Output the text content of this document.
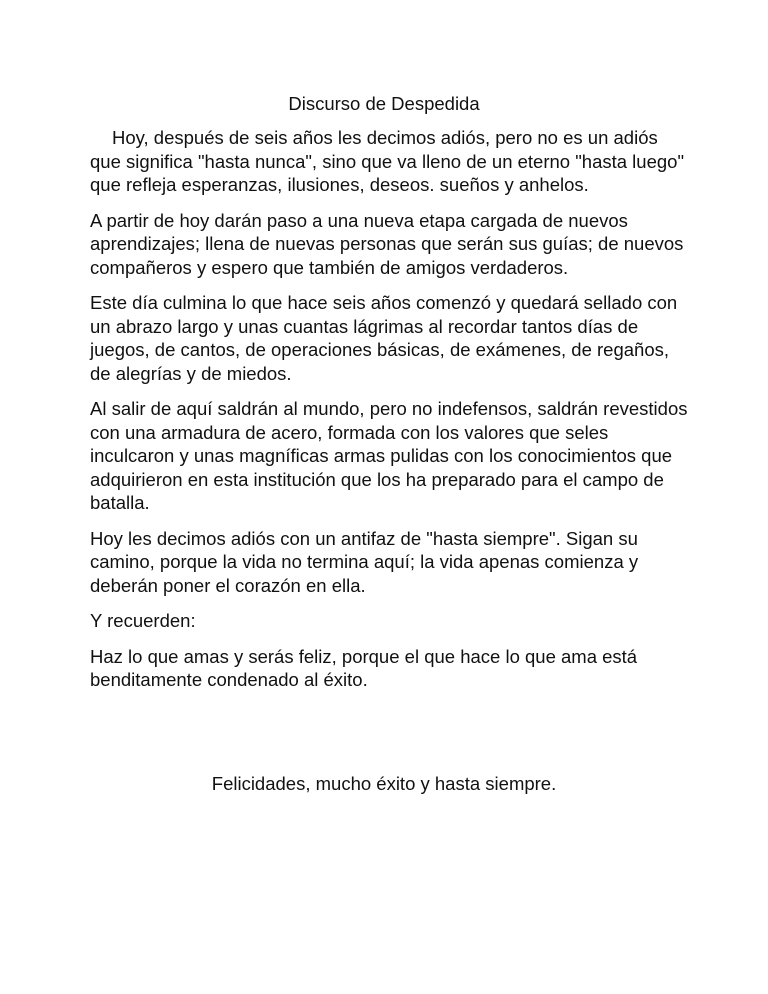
Discurso de Despedida

Hoy, después de seis años les decimos adiós, pero no es un adiós que significa "hasta nunca", sino que va lleno de un eterno "hasta luego" que refleja esperanzas, ilusiones, deseos. sueños y anhelos.

A partir de hoy darán paso a una nueva etapa cargada de nuevos aprendizajes; llena de nuevas personas que serán sus guías; de nuevos compañeros y espero que también de amigos verdaderos.

Este día culmina lo que hace seis años comenzó y quedará sellado con un abrazo largo y unas cuantas lágrimas al recordar tantos días de juegos, de cantos, de operaciones básicas, de exámenes, de regaños, de alegrías y de miedos.

Al salir de aquí saldrán al mundo, pero no indefensos, saldrán revestidos con una armadura de acero, formada con los valores que seles inculcaron y unas magníficas armas pulidas con los conocimientos que adquirieron en esta institución que los ha preparado para el campo de batalla.

Hoy les decimos adiós con un antifaz de "hasta siempre". Sigan su camino, porque la vida no termina aquí; la vida apenas comienza y deberán poner el corazón en ella.

Y recuerden:

Haz lo que amas y serás feliz, porque el que hace lo que ama está benditamente condenado al éxito.

Felicidades, mucho éxito y hasta siempre.
